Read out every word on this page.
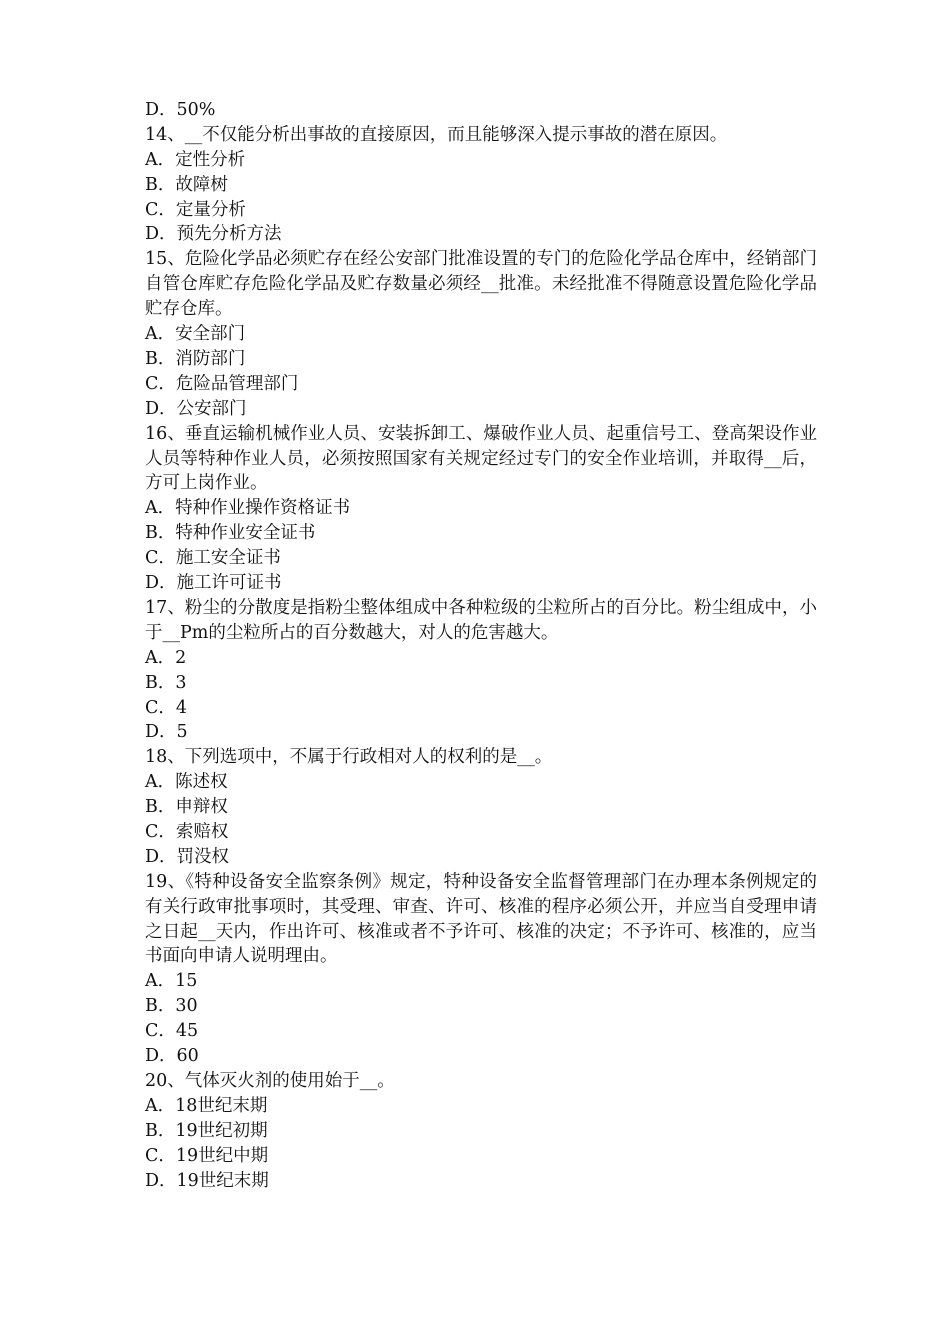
D．50%
14、__不仅能分析出事故的直接原因，而且能够深入提示事故的潜在原因。
A．定性分析
B．故障树
C．定量分析
D．预先分析方法
15、危险化学品必须贮存在经公安部门批准设置的专门的危险化学品仓库中，经销部门自管仓库贮存危险化学品及贮存数量必须经__批准。未经批准不得随意设置危险化学品贮存仓库。
A．安全部门
B．消防部门
C．危险品管理部门
D．公安部门
16、垂直运输机械作业人员、安装拆卸工、爆破作业人员、起重信号工、登高架设作业人员等特种作业人员，必须按照国家有关规定经过专门的安全作业培训，并取得__后，方可上岗作业。
A．特种作业操作资格证书
B．特种作业安全证书
C．施工安全证书
D．施工许可证书
17、粉尘的分散度是指粉尘整体组成中各种粒级的尘粒所占的百分比。粉尘组成中，小于__Pm的尘粒所占的百分数越大，对人的危害越大。
A．2
B．3
C．4
D．5
18、下列选项中，不属于行政相对人的权利的是__。
A．陈述权
B．申辩权
C．索赔权
D．罚没权
19、《特种设备安全监察条例》规定，特种设备安全监督管理部门在办理本条例规定的有关行政审批事项时，其受理、审查、许可、核准的程序必须公开，并应当自受理申请之日起__天内，作出许可、核准或者不予许可、核准的决定；不予许可、核准的，应当书面向申请人说明理由。
A．15
B．30
C．45
D．60
20、气体灭火剂的使用始于__。
A．18世纪末期
B．19世纪初期
C．19世纪中期
D．19世纪末期
